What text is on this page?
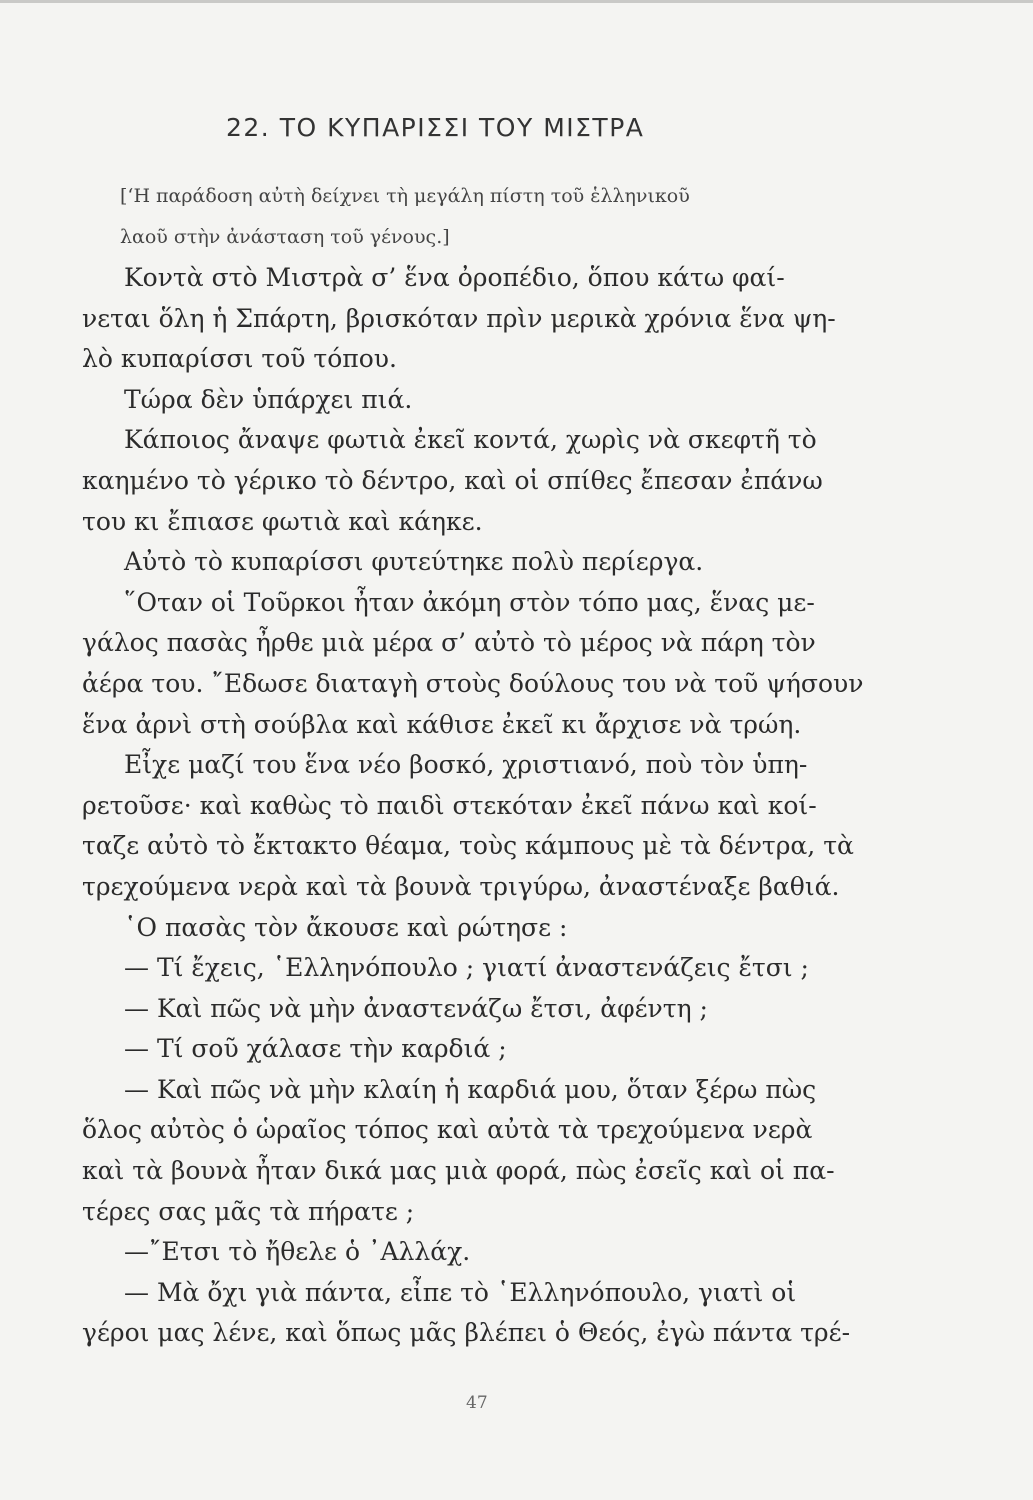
22. ΤΟ ΚΥΠΑΡΙΣΣΙ ΤΟΥ ΜΙΣΤΡΑ
[‘Η παράδοση αὐτὴ δείχνει τὴ μεγάλη πίστη τοῦ ἑλληνικοῦ
λαοῦ στὴν ἀνάσταση τοῦ γένους.]
Κοντὰ στὸ Μιστρὰ σ’ ἕνα ὀροπέδιο, ὅπου κάτω φαί-
νεται ὅλη ἡ Σπάρτη, βρισκόταν πρὶν μερικὰ χρόνια ἕνα ψη-
λὸ κυπαρίσσι τοῦ τόπου.
Τώρα δὲν ὑπάρχει πιά.
Κάποιος ἄναψε φωτιὰ ἐκεῖ κοντά, χωρὶς νὰ σκεφτῆ τὸ
καημένο τὸ γέρικο τὸ δέντρο, καὶ οἱ σπίθες ἔπεσαν ἐπάνω
του κι ἔπιασε φωτιὰ καὶ κάηκε.
Αὐτὸ τὸ κυπαρίσσι φυτεύτηκε πολὺ περίεργα.
῞Οταν οἱ Τοῦρκοι ἦταν ἀκόμη στὸν τόπο μας, ἕνας με-
γάλος πασὰς ἦρθε μιὰ μέρα σ’ αὐτὸ τὸ μέρος νὰ πάρη τὸν
ἀέρα του. ῎Εδωσε διαταγὴ στοὺς δούλους του νὰ τοῦ ψήσουν
ἕνα ἀρνὶ στὴ σούβλα καὶ κάθισε ἐκεῖ κι ἄρχισε νὰ τρώη.
Εἶχε μαζί του ἕνα νέο βοσκό, χριστιανό, ποὺ τὸν ὑπη-
ρετοῦσε· καὶ καθὼς τὸ παιδὶ στεκόταν ἐκεῖ πάνω καὶ κοί-
ταζε αὐτὸ τὸ ἔκτακτο θέαμα, τοὺς κάμπους μὲ τὰ δέντρα, τὰ
τρεχούμενα νερὰ καὶ τὰ βουνὰ τριγύρω, ἀναστέναξε βαθιά.
῾Ο πασὰς τὸν ἄκουσε καὶ ρώτησε :
— Τί ἔχεις, ῾Ελληνόπουλο ; γιατί ἀναστενάζεις ἔτσι ;
— Καὶ πῶς νὰ μὴν ἀναστενάζω ἔτσι, ἀφέντη ;
— Τί σοῦ χάλασε τὴν καρδιά ;
— Καὶ πῶς νὰ μὴν κλαίη ἡ καρδιά μου, ὅταν ξέρω πὼς
ὅλος αὐτὸς ὁ ὡραῖος τόπος καὶ αὐτὰ τὰ τρεχούμενα νερὰ
καὶ τὰ βουνὰ ἦταν δικά μας μιὰ φορά, πὼς ἐσεῖς καὶ οἱ πα-
τέρες σας μᾶς τὰ πήρατε ;
—῎Ετσι τὸ ἤθελε ὁ ᾿Αλλάχ.
— Μὰ ὄχι γιὰ πάντα, εἶπε τὸ ῾Ελληνόπουλο, γιατὶ οἱ
γέροι μας λένε, καὶ ὅπως μᾶς βλέπει ὁ Θεός, ἐγὼ πάντα τρέ-
47
